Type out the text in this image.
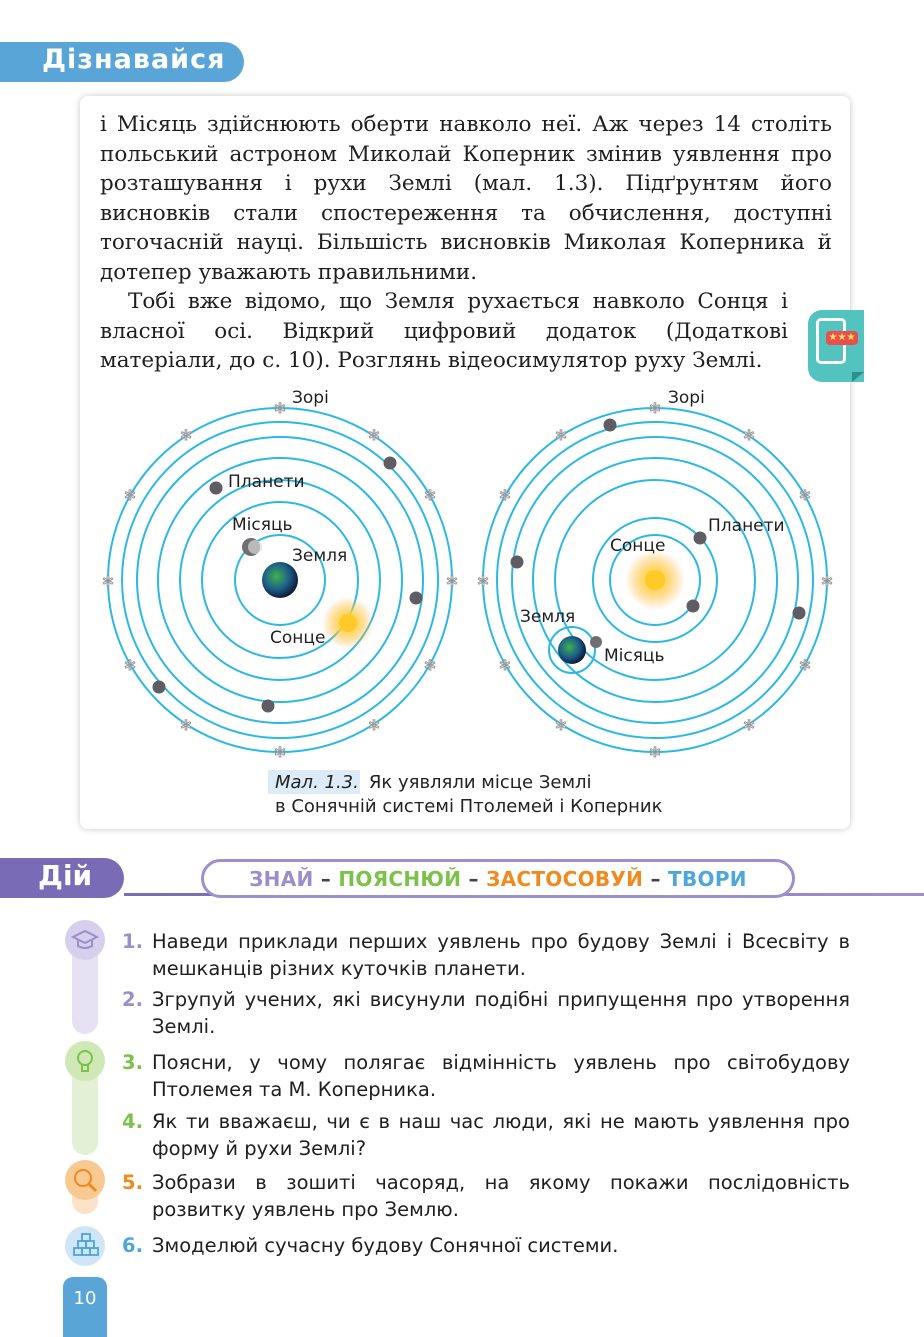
Дізнавайся
і Місяць здійснюють оберти навколо неї. Аж через 14 століть польський астроном Миколай Коперник змінив уявлення про розташування і рухи Землі (мал. 1.3). Підґрунтям його висновків стали спостереження та обчислення, доступні тогочасній науці. Більшість висновків Миколая Коперника й дотепер уважають правильними.
Тобі вже відомо, що Земля рухається навколо Сонця і власної осі. Відкрий цифровий додаток (Додаткові матеріали, до с. 10). Розглянь відеосимулятор руху Землі.
★★★
✲
✲	✲
✲	✲
✲	✲
✲	✲
✲	✲
✲
Зорі
Планети
Місяць
Земля
Сонце
✲
✲	✲
✲	✲
✲	✲
✲	✲
✲	✲
✲
Зорі
Планети
Сонце
Земля
Місяць
Мал. 1.3. Як уявляли місце Землі
в Сонячній системі Птолемей і Коперник
Дій	ЗНАЙ – ПОЯСНЮЙ – ЗАСТОСОВУЙ – ТВОРИ
1. Наведи приклади перших уявлень про будову Землі і Всесвіту в мешканців різних куточків планети.
2. Згрупуй учених, які висунули подібні припущення про утворення Землі.
3. Поясни, у чому полягає відмінність уявлень про світобудову Птолемея та М. Коперника.
4. Як ти вважаєш, чи є в наш час люди, які не мають уявлення про форму й рухи Землі?
5. Зобрази в зошиті часоряд, на якому покажи послідовність розвитку уявлень про Землю.
6. Змоделюй сучасну будову Сонячної системи.
10
